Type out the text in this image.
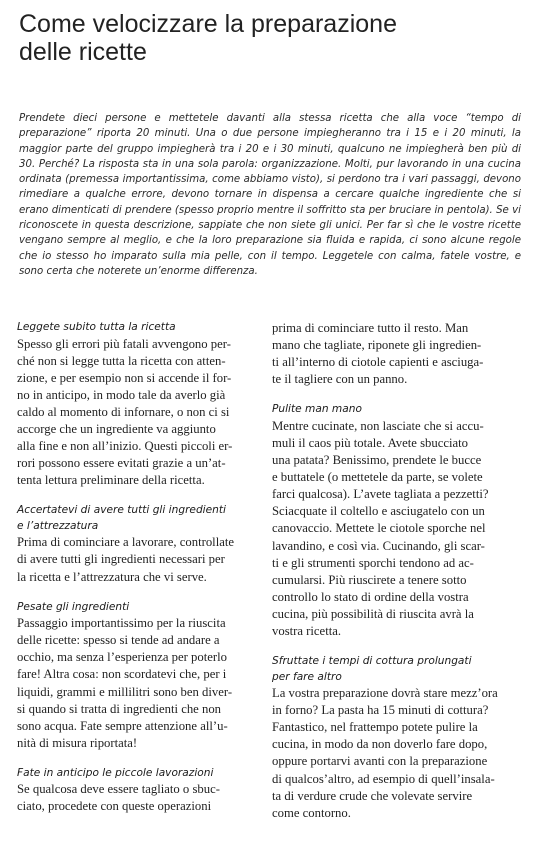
Come velocizzare la preparazione
delle ricette
Prendete dieci persone e mettetele davanti alla stessa ricetta che alla voce “tempo di preparazione” riporta 20 minuti. Una o due persone impiegheranno tra i 15 e i 20 minuti, la maggior parte del gruppo impiegherà tra i 20 e i 30 minuti, qualcuno ne impiegherà ben più di 30. Perché? La risposta sta in una sola parola: organizzazione. Molti, pur lavorando in una cucina ordinata (premessa importantissima, come abbiamo visto), si perdono tra i vari passaggi, devono rimediare a qualche errore, devono tornare in dispensa a cercare qualche ingrediente che si erano dimenticati di prendere (spesso proprio mentre il soffritto sta per bruciare in pentola). Se vi riconoscete in questa descrizione, sappiate che non siete gli unici. Per far sì che le vostre ricette vengano sempre al meglio, e che la loro preparazione sia fluida e rapida, ci sono alcune regole che io stesso ho imparato sulla mia pelle, con il tempo. Leggetele con calma, fatele vostre, e sono certa che noterete un’enorme differenza.
Leggete subito tutta la ricetta
Spesso gli errori più fatali avvengono per-
ché non si legge tutta la ricetta con atten-
zione, e per esempio non si accende il for-
no in anticipo, in modo tale da averlo già
caldo al momento di infornare, o non ci si
accorge che un ingrediente va aggiunto
alla fine e non all’inizio. Questi piccoli er-
rori possono essere evitati grazie a un’at-
tenta lettura preliminare della ricetta.
Accertatevi di avere tutti gli ingredienti
e l’attrezzatura
Prima di cominciare a lavorare, controllate
di avere tutti gli ingredienti necessari per
la ricetta e l’attrezzatura che vi serve.
Pesate gli ingredienti
Passaggio importantissimo per la riuscita
delle ricette: spesso si tende ad andare a
occhio, ma senza l’esperienza per poterlo
fare! Altra cosa: non scordatevi che, per i
liquidi, grammi e millilitri sono ben diver-
si quando si tratta di ingredienti che non
sono acqua. Fate sempre attenzione all’u-
nità di misura riportata!
Fate in anticipo le piccole lavorazioni
Se qualcosa deve essere tagliato o sbuc-
ciato, procedete con queste operazioni
prima di cominciare tutto il resto. Man
mano che tagliate, riponete gli ingredien-
ti all’interno di ciotole capienti e asciuga-
te il tagliere con un panno.
Pulite man mano
Mentre cucinate, non lasciate che si accu-
muli il caos più totale. Avete sbucciato
una patata? Benissimo, prendete le bucce
e buttatele (o mettetele da parte, se volete
farci qualcosa). L’avete tagliata a pezzetti?
Sciacquate il coltello e asciugatelo con un
canovaccio. Mettete le ciotole sporche nel
lavandino, e così via. Cucinando, gli scar-
ti e gli strumenti sporchi tendono ad ac-
cumularsi. Più riuscirete a tenere sotto
controllo lo stato di ordine della vostra
cucina, più possibilità di riuscita avrà la
vostra ricetta.
Sfruttate i tempi di cottura prolungati
per fare altro
La vostra preparazione dovrà stare mezz’ora
in forno? La pasta ha 15 minuti di cottura?
Fantastico, nel frattempo potete pulire la
cucina, in modo da non doverlo fare dopo,
oppure portarvi avanti con la preparazione
di qualcos’altro, ad esempio di quell’insala-
ta di verdure crude che volevate servire
come contorno.
